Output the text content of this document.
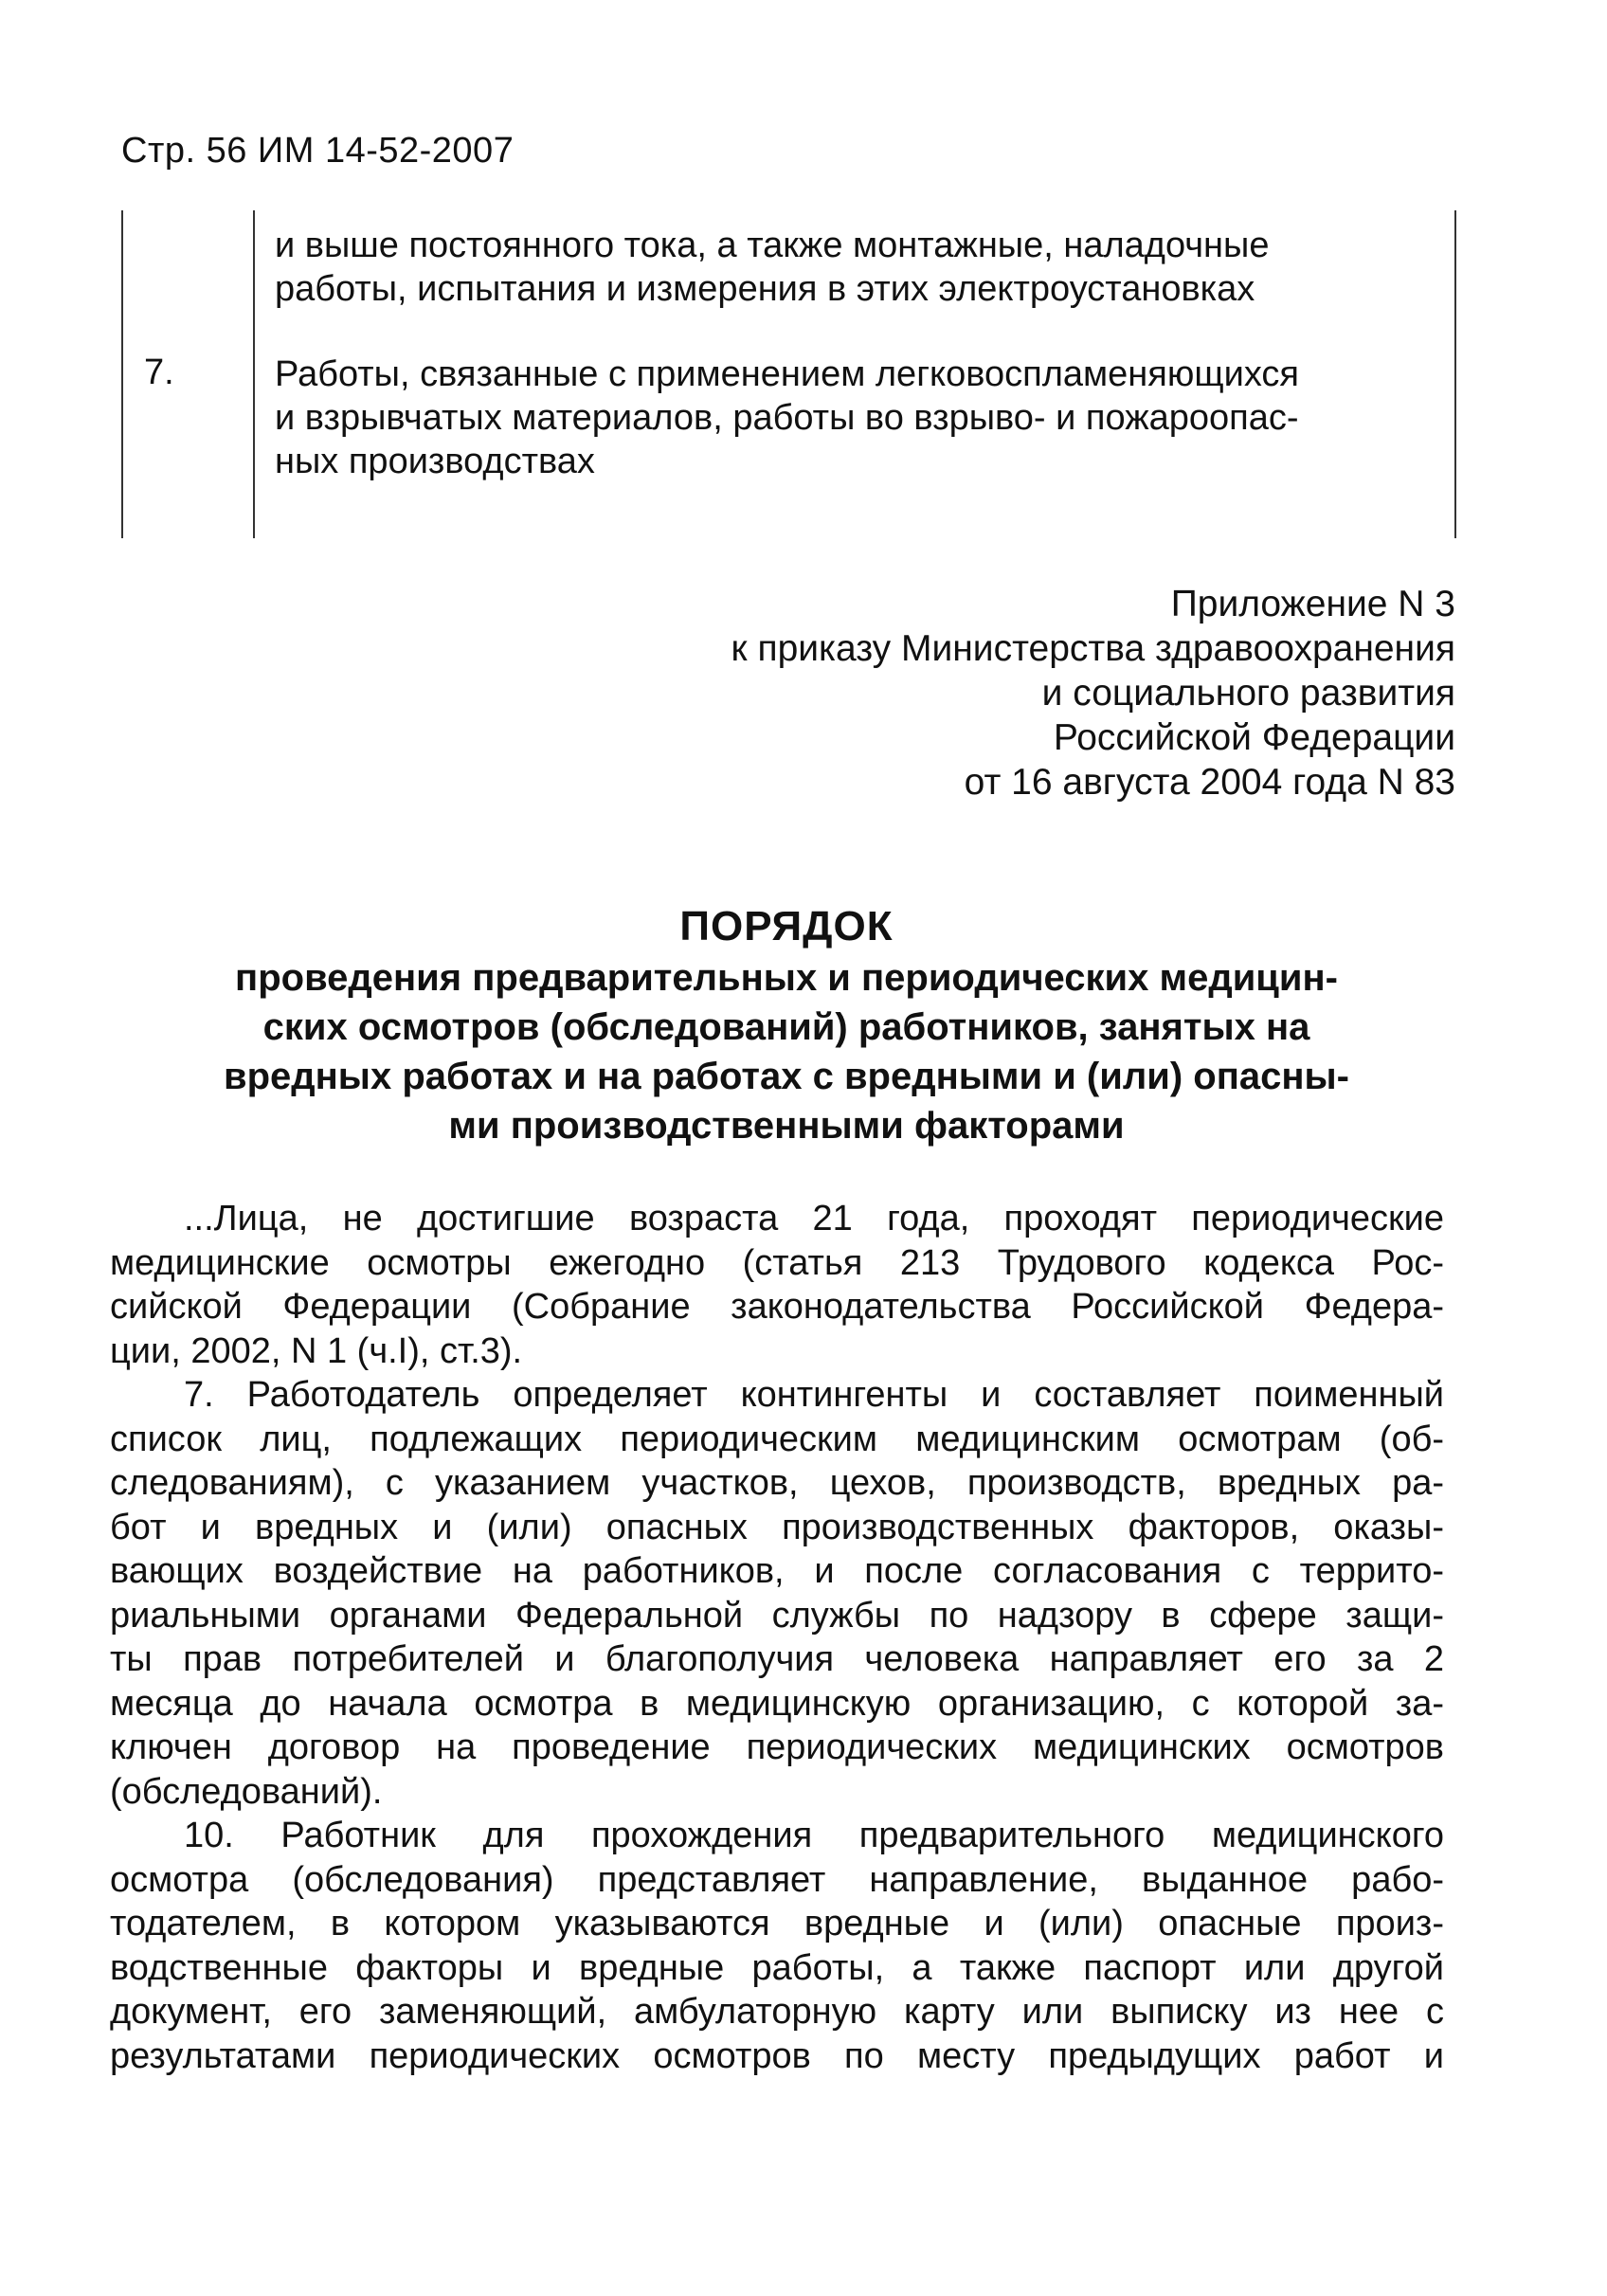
Стр. 56 ИМ 14-52-2007
и выше постоянного тока, а также монтажные, наладочные
работы, испытания и измерения в этих электроустановках
7.	Работы, связанные с применением легковоспламеняющихся
и взрывчатых материалов, работы во взрыво- и пожароопас-
ных производствах
Приложение N 3
к приказу Министерства здравоохранения
и социального развития
Российской Федерации
от 16 августа 2004 года N 83
ПОРЯДОК
проведения предварительных и периодических медицин-
ских осмотров (обследований) работников, занятых на
вредных работах и на работах с вредными и (или) опасны-
ми производственными факторами
...Лица, не достигшие возраста 21 года, проходят периодические
медицинские осмотры ежегодно (статья 213 Трудового кодекса Рос-
сийской Федерации (Собрание законодательства Российской Федера-
ции, 2002, N 1 (ч.I), ст.3).
7. Работодатель определяет контингенты и составляет поименный
список лиц, подлежащих периодическим медицинским осмотрам (об-
следованиям), с указанием участков, цехов, производств, вредных ра-
бот и вредных и (или) опасных производственных факторов, оказы-
вающих воздействие на работников, и после согласования с террито-
риальными органами Федеральной службы по надзору в сфере защи-
ты прав потребителей и благополучия человека направляет его за 2
месяца до начала осмотра в медицинскую организацию, с которой за-
ключен договор на проведение периодических медицинских осмотров
(обследований).
10. Работник для прохождения предварительного медицинского
осмотра (обследования) представляет направление, выданное рабо-
тодателем, в котором указываются вредные и (или) опасные произ-
водственные факторы и вредные работы, а также паспорт или другой
документ, его заменяющий, амбулаторную карту или выписку из нее с
результатами периодических осмотров по месту предыдущих работ и
